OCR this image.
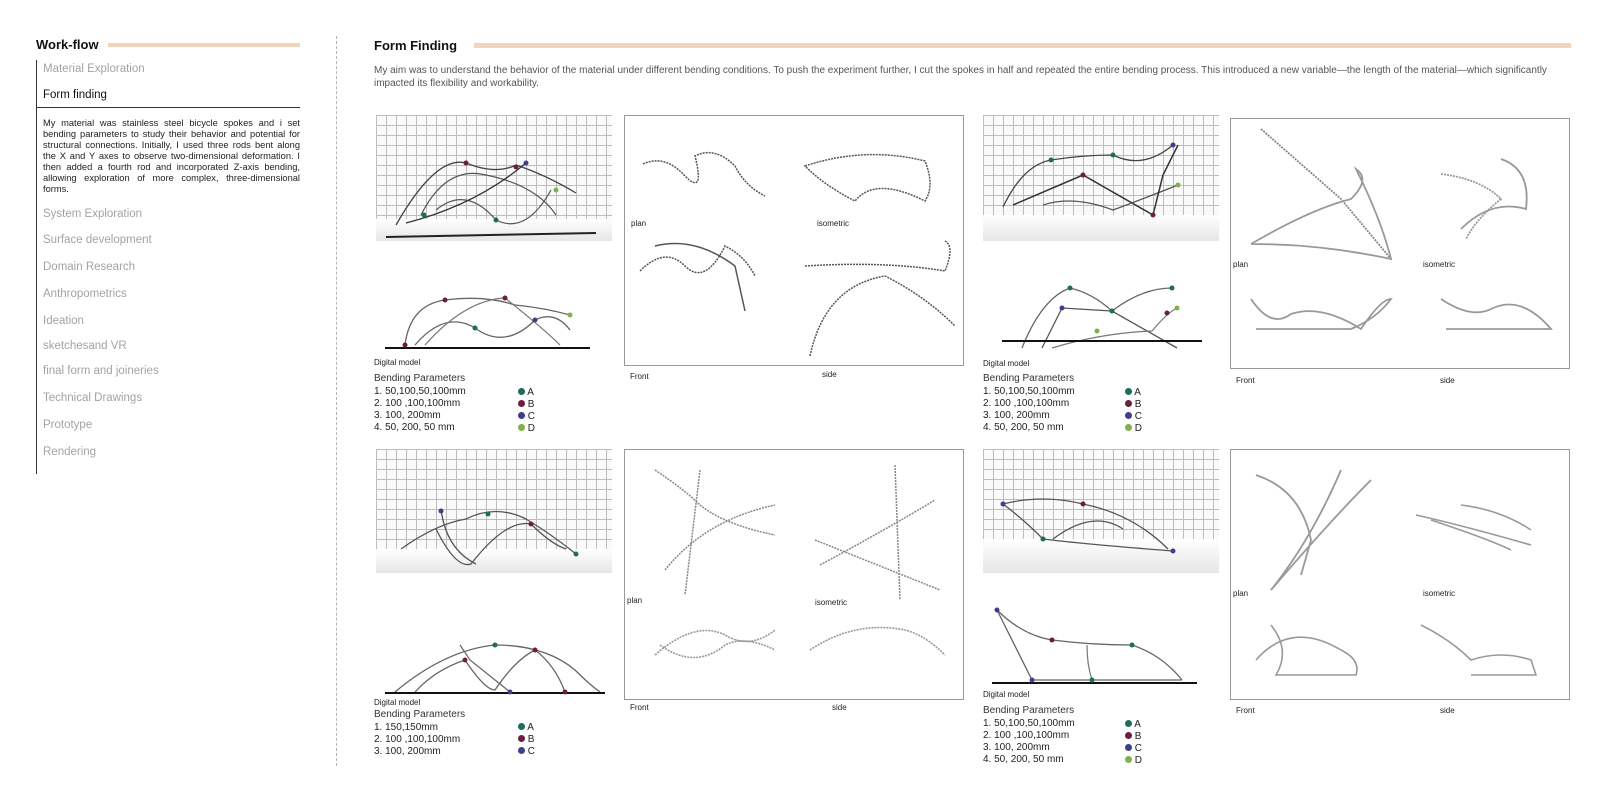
Work-flow
Material Exploration
Form finding
My material was stainless steel bicycle spokes and i set bending parameters to study their behavior and potential for structural connections. Initially, I used three rods bent along the X and Y axes to observe two-dimensional deformation. I then added a fourth rod and incorporated Z-axis bending, allowing exploration of more complex, three-dimensional forms.
System Exploration
Surface development
Domain Research
Anthropometrics
Ideation
sketchesand VR
final form and joineries
Technical Drawings
Prototype
Rendering
Form Finding
My aim was to understand the behavior of the material under different bending conditions. To push the experiment further, I cut the spokes in half and repeated the entire bending process. This introduced a new variable—the length of the material—which significantly impacted its flexibility and workability.
Digital model
Bending Parameters
1. 50,100,50,100mm
2. 100 ,100,100mm
3. 100, 200mm
4. 50, 200, 50 mm
A
B
C
D
plan	isometric
Front	side
Digital model
Bending Parameters
1. 50,100,50,100mm
2. 100 ,100,100mm
3. 100, 200mm
4. 50, 200, 50 mm
A
B
C
D
plan	isometric
Front	side
Digital model
Bending Parameters
1. 150,150mm
2. 100 ,100,100mm
3. 100, 200mm
A
B
C
plan	isometric
Front	side
Digital model
Bending Parameters
1. 50,100,50,100mm
2. 100 ,100,100mm
3. 100, 200mm
4. 50, 200, 50 mm
A
B
C
D
plan	isometric
Front	side
